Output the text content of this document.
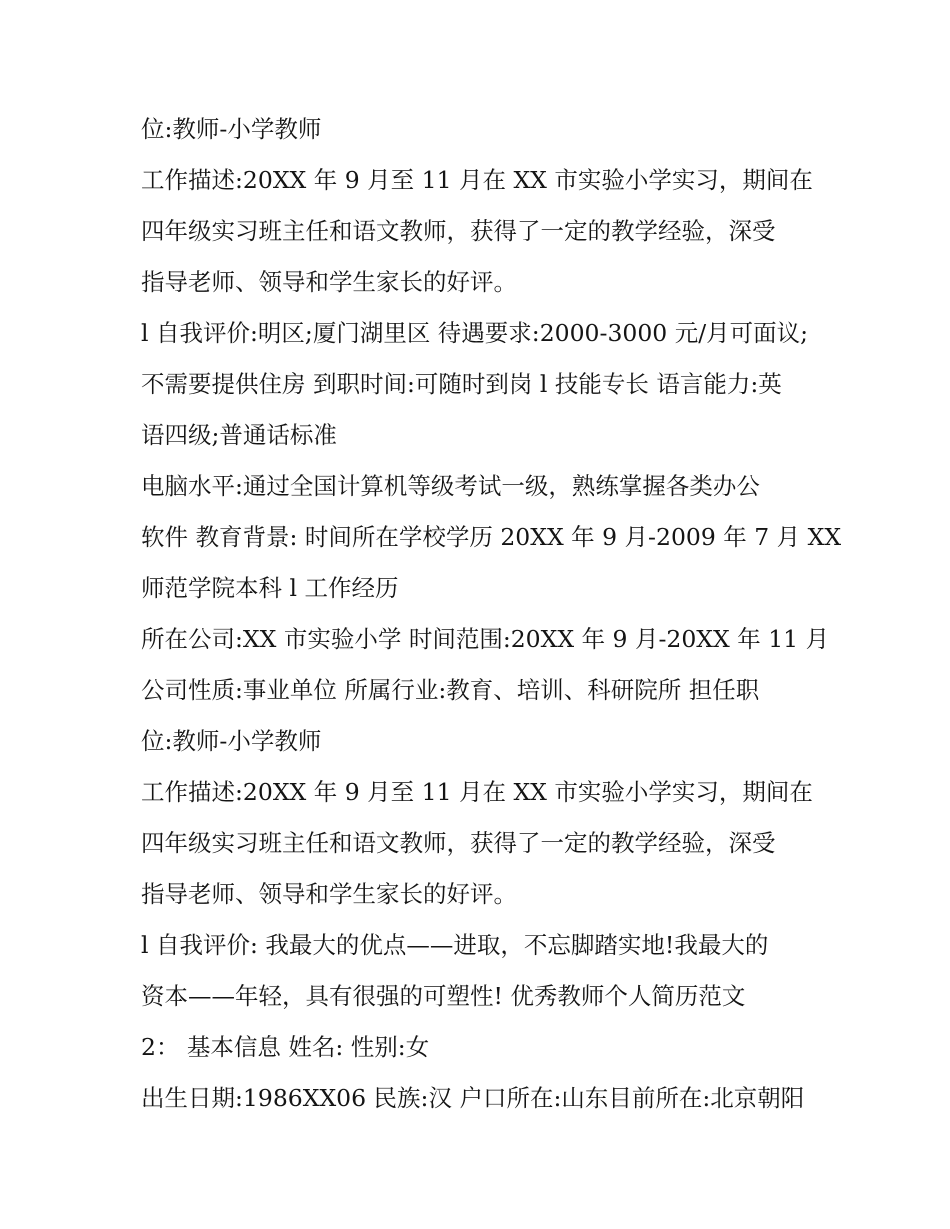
位:教师-小学教师
工作描述:20XX 年 9 月至 11 月在 XX 市实验小学实习，期间在
四年级实习班主任和语文教师，获得了一定的教学经验，深受
指导老师、领导和学生家长的好评。
l 自我评价:明区;厦门湖里区 待遇要求:2000-3000 元/月可面议;
不需要提供住房 到职时间:可随时到岗 l 技能专长 语言能力:英
语四级;普通话标准
电脑水平:通过全国计算机等级考试一级，熟练掌握各类办公
软件 教育背景: 时间所在学校学历 20XX 年 9 月-2009 年 7 月 XX
师范学院本科 l 工作经历
所在公司:XX 市实验小学 时间范围:20XX 年 9 月-20XX 年 11 月
公司性质:事业单位 所属行业:教育、培训、科研院所 担任职
位:教师-小学教师
工作描述:20XX 年 9 月至 11 月在 XX 市实验小学实习，期间在
四年级实习班主任和语文教师，获得了一定的教学经验，深受
指导老师、领导和学生家长的好评。
l 自我评价: 我最大的优点——进取，不忘脚踏实地!我最大的
资本——年轻，具有很强的可塑性! 优秀教师个人简历范文
2： 基本信息 姓名: 性别:女
出生日期:1986XX06 民族:汉 户口所在:山东目前所在:北京朝阳
